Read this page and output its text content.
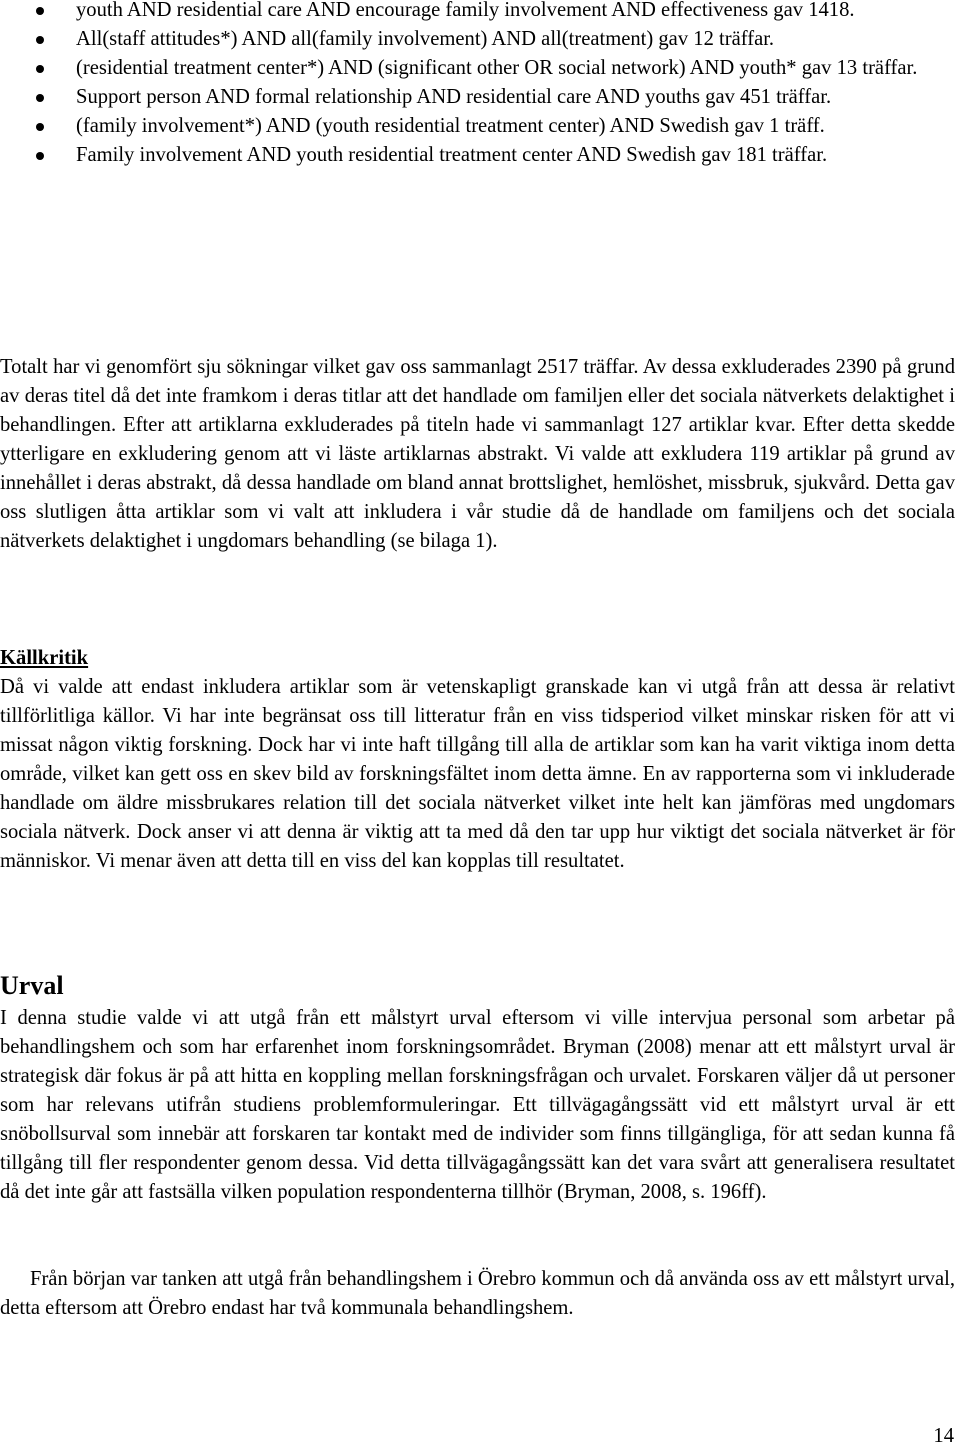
youth AND residential care AND encourage family involvement AND effectiveness gav 1418.
All(staff attitudes*) AND all(family involvement) AND all(treatment) gav 12 träffar.
(residential treatment center*) AND (significant other OR social network) AND youth* gav 13 träffar.
Support person AND formal relationship AND residential care AND youths gav 451 träffar.
(family involvement*) AND (youth residential treatment center) AND Swedish gav 1 träff.
Family involvement AND youth residential treatment center AND Swedish gav 181 träffar.

Totalt har vi genomfört sju sökningar vilket gav oss sammanlagt 2517 träffar. Av dessa exkluderades 2390 på grund av deras titel då det inte framkom i deras titlar att det handlade om familjen eller det sociala nätverkets delaktighet i behandlingen. Efter att artiklarna exkluderades på titeln hade vi sammanlagt 127 artiklar kvar. Efter detta skedde ytterligare en exkludering genom att vi läste artiklarnas abstrakt. Vi valde att exkludera 119 artiklar på grund av innehållet i deras abstrakt, då dessa handlade om bland annat brottslighet, hemlöshet, missbruk, sjukvård. Detta gav oss slutligen åtta artiklar som vi valt att inkludera i vår studie då de handlade om familjens och det sociala nätverkets delaktighet i ungdomars behandling (se bilaga 1).

Källkritik

Då vi valde att endast inkludera artiklar som är vetenskapligt granskade kan vi utgå från att dessa är relativt tillförlitliga källor. Vi har inte begränsat oss till litteratur från en viss tidsperiod vilket minskar risken för att vi missat någon viktig forskning. Dock har vi inte haft tillgång till alla de artiklar som kan ha varit viktiga inom detta område, vilket kan gett oss en skev bild av forskningsfältet inom detta ämne. En av rapporterna som vi inkluderade handlade om äldre missbrukares relation till det sociala nätverket vilket inte helt kan jämföras med ungdomars sociala nätverk. Dock anser vi att denna är viktig att ta med då den tar upp hur viktigt det sociala nätverket är för människor. Vi menar även att detta till en viss del kan kopplas till resultatet.

Urval

I denna studie valde vi att utgå från ett målstyrt urval eftersom vi ville intervjua personal som arbetar på behandlingshem och som har erfarenhet inom forskningsområdet. Bryman (2008) menar att ett målstyrt urval är strategisk där fokus är på att hitta en koppling mellan forskningsfrågan och urvalet. Forskaren väljer då ut personer som har relevans utifrån studiens problemformuleringar. Ett tillvägagångssätt vid ett målstyrt urval är ett snöbollsurval som innebär att forskaren tar kontakt med de individer som finns tillgängliga, för att sedan kunna få tillgång till fler respondenter genom dessa. Vid detta tillvägagångssätt kan det vara svårt att generalisera resultatet då det inte går att fastsälla vilken population respondenterna tillhör (Bryman, 2008, s. 196ff).

Från början var tanken att utgå från behandlingshem i Örebro kommun och då använda oss av ett målstyrt urval, detta eftersom att Örebro endast har två kommunala behandlingshem.

14
